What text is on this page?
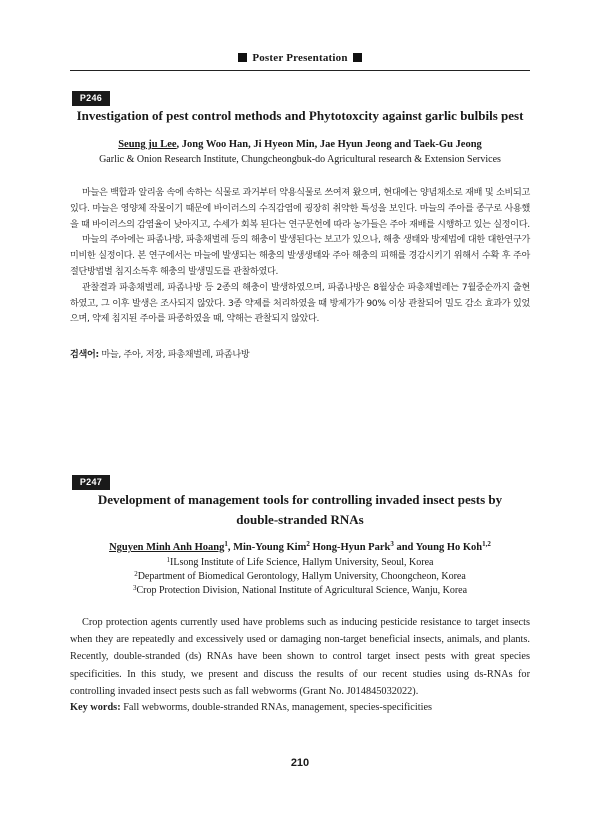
Poster Presentation
P246
Investigation of pest control methods and Phytotoxcity against garlic bulbils pest
Seung ju Lee, Jong Woo Han, Ji Hyeon Min, Jae Hyun Jeong and Taek-Gu Jeong
Garlic & Onion Research Institute, Chungcheongbuk-do Agricultural research & Extension Services

마늘은 백합과 알리움 속에 속하는 식물로 과거부터 약용식물로 쓰여져 왔으며, 현대에는 양념채소로 재배 및 소비되고 있다. 마늘은 영양체 작물이기 때문에 바이러스의 수직감염에 굉장히 취약한 특성을 보인다. 마늘의 주아를 종구로 사용했을 때 바이러스의 감염율이 낮아지고, 수세가 회복 된다는 연구문헌에 따라 농가들은 주아 재배를 시행하고 있는 실정이다.

마늘의 주아에는 파좀나방, 파총채벌레 등의 해충이 발생된다는 보고가 있으나, 해충 생태와 방제법에 대한 대한연구가 미비한 실정이다. 본 연구에서는 마늘에 발생되는 해충의 발생생태와 주아 해충의 피해를 경감시키기 위해서 수확 후 주아 절단방법별 침지소독후 해충의 발생밀도를 관찰하였다.

관찰결과 파총채벌레, 파좀나방 등 2종의 해충이 발생하였으며, 파좀나방은 8월상순 파총채벌레는 7월중순까지 출현하였고, 그 이후 발생은 조사되지 않았다. 3종 약제를 처리하였을 때 방제가가 90% 이상 관찰되어 밀도 감소 효과가 있었으며, 약제 침지된 주아를 파종하였을 때, 약해는 관찰되지 않았다.

검색어: 마늘, 주아, 저장, 파총채벌레, 파좀나방
P247
Development of management tools for controlling invaded insect pests by
double-stranded RNAs
Nguyen Minh Anh Hoang$^1$, Min-Young Kim$^2$ Hong-Hyun Park$^3$ and Young Ho Koh$^{1,2}$
$^1$ILsong Institute of Life Science, Hallym University, Seoul, Korea
$^2$Department of Biomedical Gerontology, Hallym University, Choongcheon, Korea
$^3$Crop Protection Division, National Institute of Agricultural Science, Wanju, Korea

Crop protection agents currently used have problems such as inducing pesticide resistance to target insects when they are repeatedly and excessively used or damaging non-target beneficial insects, animals, and plants. Recently, double-stranded (ds) RNAs have been shown to control target insect pests with great species specificities. In this study, we present and discuss the results of our recent studies using ds-RNAs for controlling invaded insect pests such as fall webworms (Grant No. J014845032022).

Key words: Fall webworms, double-stranded RNAs, management, species-specificities
210
